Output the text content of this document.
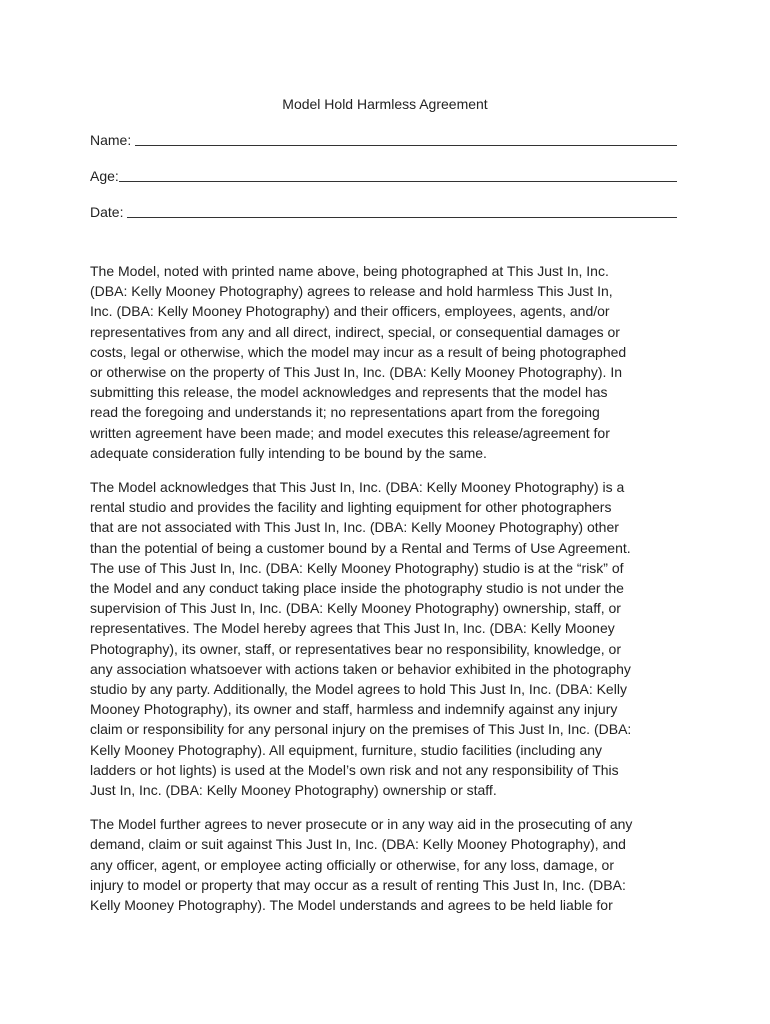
Model Hold Harmless Agreement
Name:
Age:
Date:

The Model, noted with printed name above, being photographed at This Just In, Inc.
(DBA: Kelly Mooney Photography) agrees to release and hold harmless This Just In,
Inc. (DBA: Kelly Mooney Photography) and their officers, employees, agents, and/or
representatives from any and all direct, indirect, special, or consequential damages or
costs, legal or otherwise, which the model may incur as a result of being photographed
or otherwise on the property of This Just In, Inc. (DBA: Kelly Mooney Photography). In
submitting this release, the model acknowledges and represents that the model has
read the foregoing and understands it; no representations apart from the foregoing
written agreement have been made; and model executes this release/agreement for
adequate consideration fully intending to be bound by the same.

The Model acknowledges that This Just In, Inc. (DBA: Kelly Mooney Photography) is a
rental studio and provides the facility and lighting equipment for other photographers
that are not associated with This Just In, Inc. (DBA: Kelly Mooney Photography) other
than the potential of being a customer bound by a Rental and Terms of Use Agreement.
The use of This Just In, Inc. (DBA: Kelly Mooney Photography) studio is at the “risk” of
the Model and any conduct taking place inside the photography studio is not under the
supervision of This Just In, Inc. (DBA: Kelly Mooney Photography) ownership, staff, or
representatives. The Model hereby agrees that This Just In, Inc. (DBA: Kelly Mooney
Photography), its owner, staff, or representatives bear no responsibility, knowledge, or
any association whatsoever with actions taken or behavior exhibited in the photography
studio by any party. Additionally, the Model agrees to hold This Just In, Inc. (DBA: Kelly
Mooney Photography), its owner and staff, harmless and indemnify against any injury
claim or responsibility for any personal injury on the premises of This Just In, Inc. (DBA:
Kelly Mooney Photography). All equipment, furniture, studio facilities (including any
ladders or hot lights) is used at the Model’s own risk and not any responsibility of This
Just In, Inc. (DBA: Kelly Mooney Photography) ownership or staff.

The Model further agrees to never prosecute or in any way aid in the prosecuting of any
demand, claim or suit against This Just In, Inc. (DBA: Kelly Mooney Photography), and
any officer, agent, or employee acting officially or otherwise, for any loss, damage, or
injury to model or property that may occur as a result of renting This Just In, Inc. (DBA:
Kelly Mooney Photography). The Model understands and agrees to be held liable for
